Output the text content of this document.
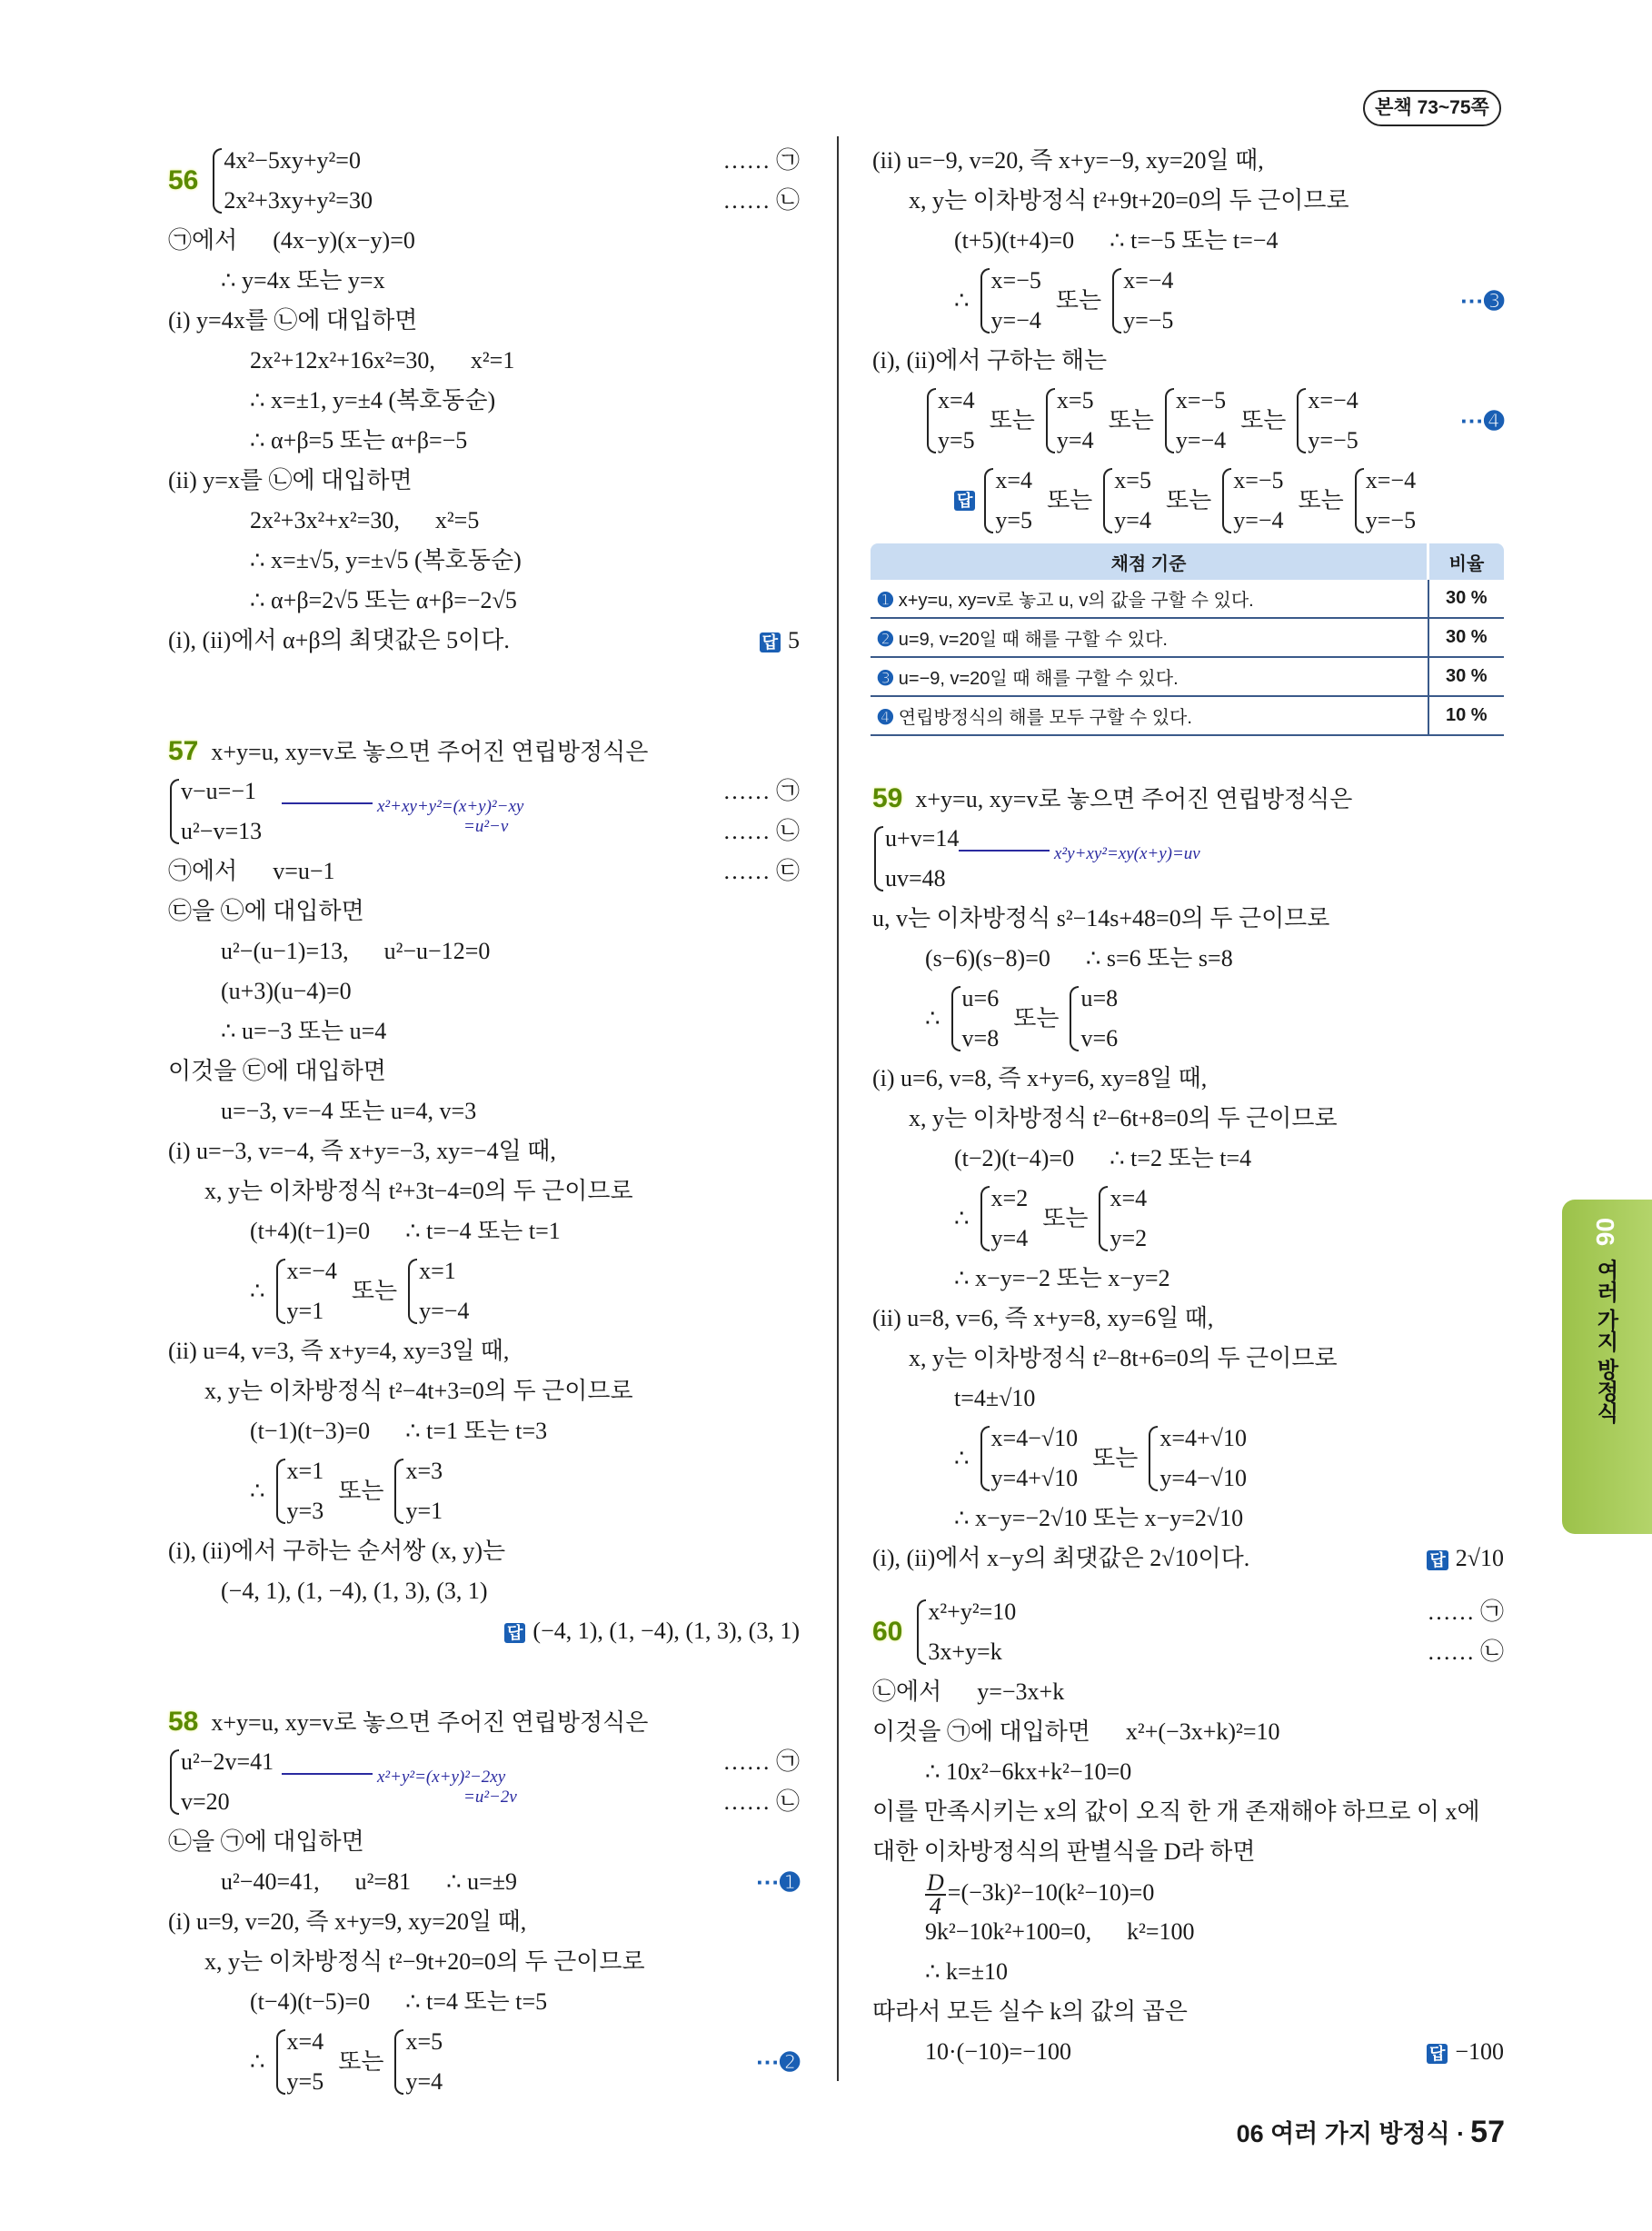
본책 73~75쪽
56
4x²−5xy+y²=0
2x²+3xy+y²=30
…… ㉠
…… ㉡
㉠에서      (4x−y)(x−y)=0
∴ y=4x 또는 y=x
(i) y=4x를 ㉡에 대입하면
2x²+12x²+16x²=30,      x²=1
∴ x=±1, y=±4 (복호동순)
∴ α+β=5 또는 α+β=−5
(ii) y=x를 ㉡에 대입하면
2x²+3x²+x²=30,      x²=5
∴ x=±√5, y=±√5 (복호동순)
∴ α+β=2√5 또는 α+β=−2√5
(i), (ii)에서 α+β의 최댓값은 5이다.	답 5
57 x+y=u, xy=v로 놓으면 주어진 연립방정식은
v−u=−1
u²−v=13
…… ㉠
…… ㉡
x²+xy+y²=(x+y)²−xy
=u²−v
㉠에서      v=u−1	…… ㉢
㉢을 ㉡에 대입하면
u²−(u−1)=13,      u²−u−12=0
(u+3)(u−4)=0
∴ u=−3 또는 u=4
이것을 ㉢에 대입하면
u=−3, v=−4 또는 u=4, v=3
(i) u=−3, v=−4, 즉 x+y=−3, xy=−4일 때,
x, y는 이차방정식 t²+3t−4=0의 두 근이므로
(t+4)(t−1)=0      ∴ t=−4 또는 t=1
∴
x=−4
y=1
또는
x=1
y=−4
(ii) u=4, v=3, 즉 x+y=4, xy=3일 때,
x, y는 이차방정식 t²−4t+3=0의 두 근이므로
(t−1)(t−3)=0      ∴ t=1 또는 t=3
∴
x=1
y=3
또는
x=3
y=1
(i), (ii)에서 구하는 순서쌍 (x, y)는
(−4, 1), (1, −4), (1, 3), (3, 1)
답 (−4, 1), (1, −4), (1, 3), (3, 1)
58 x+y=u, xy=v로 놓으면 주어진 연립방정식은
u²−2v=41
v=20
…… ㉠
…… ㉡
x²+y²=(x+y)²−2xy
=u²−2v
㉡을 ㉠에 대입하면
u²−40=41,      u²=81      ∴ u=±9	···➊
(i) u=9, v=20, 즉 x+y=9, xy=20일 때,
x, y는 이차방정식 t²−9t+20=0의 두 근이므로
(t−4)(t−5)=0      ∴ t=4 또는 t=5
∴
x=4
y=5
또는
x=5
y=4
···➋
(ii) u=−9, v=20, 즉 x+y=−9, xy=20일 때,
x, y는 이차방정식 t²+9t+20=0의 두 근이므로
(t+5)(t+4)=0      ∴ t=−5 또는 t=−4
∴
x=−5
y=−4
또는
x=−4
y=−5
···➌
(i), (ii)에서 구하는 해는
x=4
y=5
또는
x=5
y=4
또는
x=−5
y=−4
또는
x=−4
y=−5
···➍
답
x=4
y=5
또는
x=5
y=4
또는
x=−5
y=−4
또는
x=−4
y=−5
59 x+y=u, xy=v로 놓으면 주어진 연립방정식은
u+v=14
uv=48
x²y+xy²=xy(x+y)=uv
u, v는 이차방정식 s²−14s+48=0의 두 근이므로
(s−6)(s−8)=0      ∴ s=6 또는 s=8
∴
u=6
v=8
또는
u=8
v=6
(i) u=6, v=8, 즉 x+y=6, xy=8일 때,
x, y는 이차방정식 t²−6t+8=0의 두 근이므로
(t−2)(t−4)=0      ∴ t=2 또는 t=4
∴
x=2
y=4
또는
x=4
y=2
∴ x−y=−2 또는 x−y=2
(ii) u=8, v=6, 즉 x+y=8, xy=6일 때,
x, y는 이차방정식 t²−8t+6=0의 두 근이므로
t=4±√10
∴
x=4−√10
y=4+√10
또는
x=4+√10
y=4−√10
∴ x−y=−2√10 또는 x−y=2√10
(i), (ii)에서 x−y의 최댓값은 2√10이다.	답 2√10
60
x²+y²=10
3x+y=k
…… ㉠
…… ㉡
㉡에서      y=−3x+k
이것을 ㉠에 대입하면      x²+(−3x+k)²=10
∴ 10x²−6kx+k²−10=0
이를 만족시키는 x의 값이 오직 한 개 존재해야 하므로 이 x에
대한 이차방정식의 판별식을 D라 하면
$\frac{D}{4} =(-3k)^2-10(k^2-10)=0$
9k²−10k²+100=0,      k²=100
∴ k=±10
따라서 모든 실수 k의 값의 곱은
10·(−10)=−100	답 −100
채점 기준	비율
➊ x+y=u, xy=v로 놓고 u, v의 값을 구할 수 있다.	30 %
➋ u=9, v=20일 때 해를 구할 수 있다.	30 %
➌ u=−9, v=20일 때 해를 구할 수 있다.	30 %
➍ 연립방정식의 해를 모두 구할 수 있다.	10 %
06여러 가지 방정식
06 여러 가지 방정식 · 57
